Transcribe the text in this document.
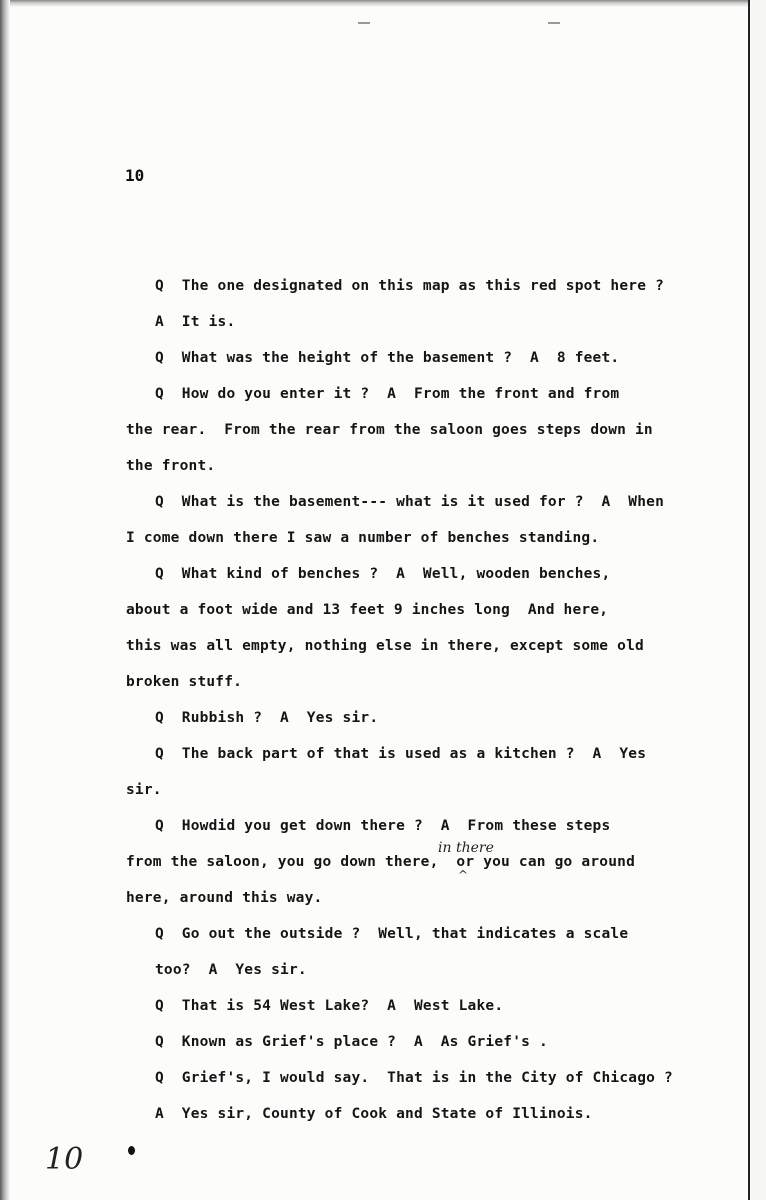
10
Q  The one designated on this map as this red spot here ?
A  It is.
Q  What was the height of the basement ?  A  8 feet.
Q  How do you enter it ?  A  From the front and from
the rear.  From the rear from the saloon goes steps down in
the front.
Q  What is the basement--- what is it used for ?  A  When
I come down there I saw a number of benches standing.
Q  What kind of benches ?  A  Well, wooden benches,
about a foot wide and 13 feet 9 inches long  And here,
this was all empty, nothing else in there, except some old
broken stuff.
Q  Rubbish ?  A  Yes sir.
Q  The back part of that is used as a kitchen ?  A  Yes
sir.
Q  Howdid you get down there ?  A  From these steps
from the saloon, you go down there,  or you can go around
here, around this way.
Q  Go out the outside ?  Well, that indicates a scale
too?  A  Yes sir.
Q  That is 54 West Lake?  A  West Lake.
Q  Known as Grief's place ?  A  As Grief's .
Q  Grief's, I would say.  That is in the City of Chicago ?
A  Yes sir, County of Cook and State of Illinois.
in there
^
10
